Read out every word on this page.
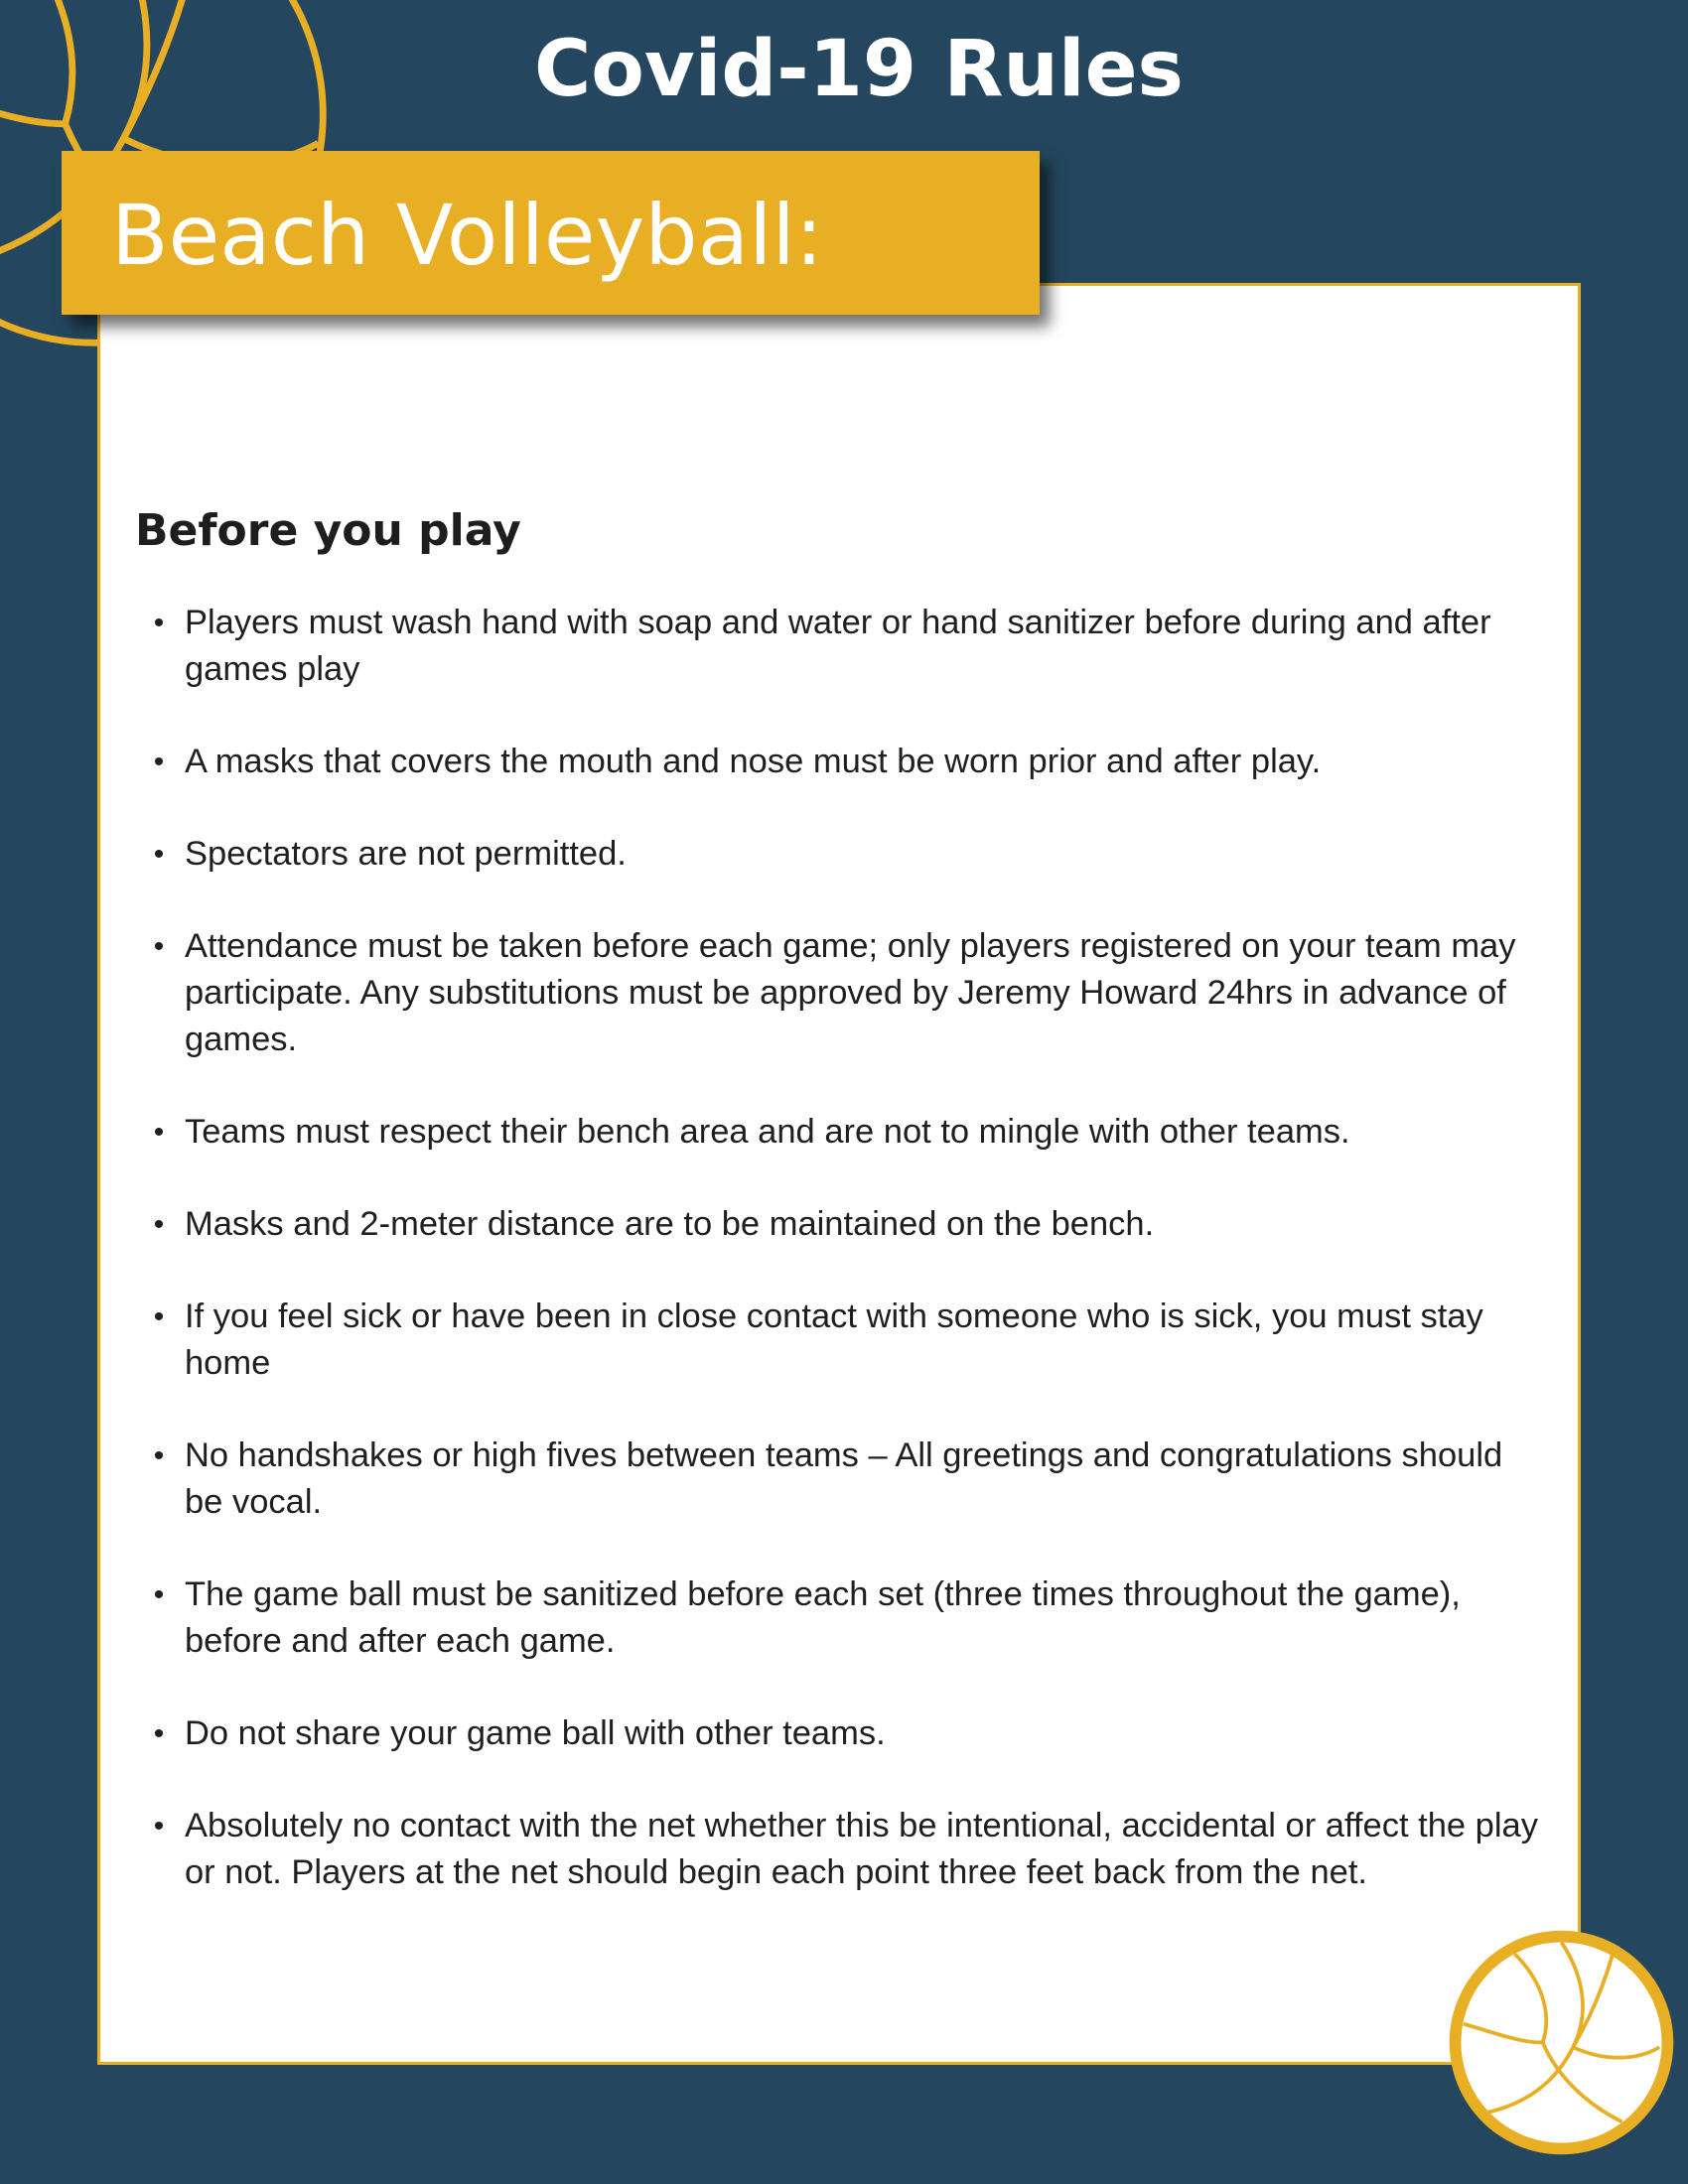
Covid-19 Rules
Beach Volleyball:
Before you play
• Players must wash hand with soap and water or hand sanitizer before during and after games play
• A masks that covers the mouth and nose must be worn prior and after play.
• Spectators are not permitted.
• Attendance must be taken before each game; only players registered on your team may participate. Any substitutions must be approved by Jeremy Howard 24hrs in advance of games.
• Teams must respect their bench area and are not to mingle with other teams.
• Masks and 2-meter distance are to be maintained on the bench.
• If you feel sick or have been in close contact with someone who is sick, you must stay home
• No handshakes or high fives between teams – All greetings and congratulations should be vocal.
• The game ball must be sanitized before each set (three times throughout the game), before and after each game.
• Do not share your game ball with other teams.
• Absolutely no contact with the net whether this be intentional, accidental or affect the play or not. Players at the net should begin each point three feet back from the net.
